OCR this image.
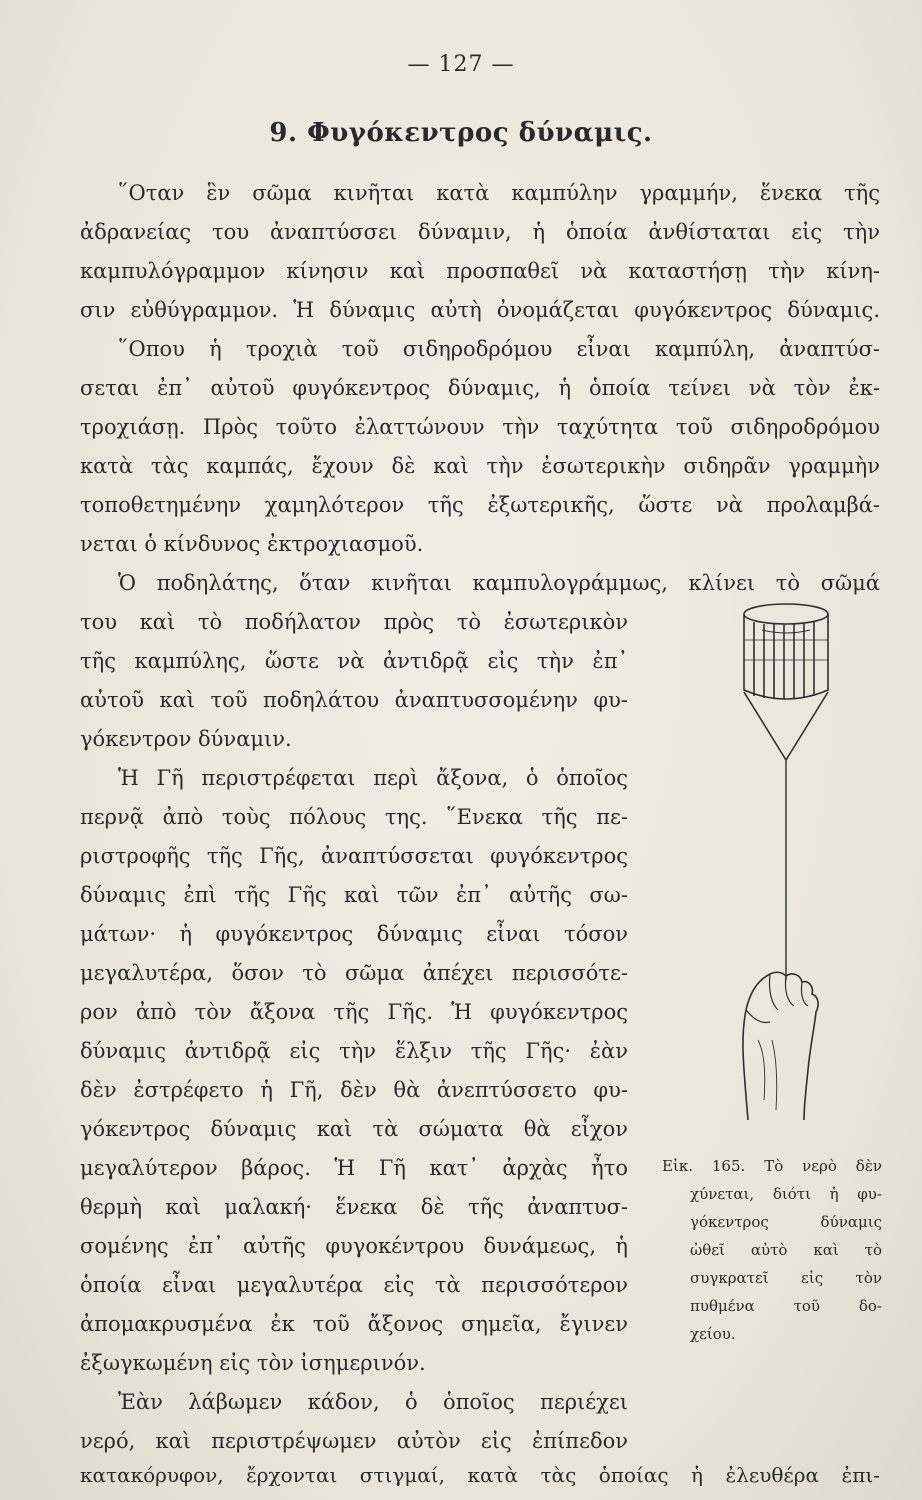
— 127 —
9. Φυγόκεντρος δύναμις.
῞Οταν ἓν σῶμα κινῆται κατὰ καμπύλην γραμμήν, ἕνεκα τῆς
ἀδρανείας του ἀναπτύσσει δύναμιν, ἡ ὁποία ἀνθίσταται εἰς τὴν
καμπυλόγραμμον κίνησιν καὶ προσπαθεῖ νὰ καταστήσῃ τὴν κίνη-
σιν εὐθύγραμμον. Ἡ δύναμις αὐτὴ ὀνομάζεται φυγόκεντρος δύναμις.
῞Οπου ἡ τροχιὰ τοῦ σιδηροδρόμου εἶναι καμπύλη, ἀναπτύσ-
σεται ἐπ᾽ αὐτοῦ φυγόκεντρος δύναμις, ἡ ὁποία τείνει νὰ τὸν ἐκ-
τροχιάσῃ. Πρὸς τοῦτο ἐλαττώνουν τὴν ταχύτητα τοῦ σιδηροδρόμου
κατὰ τὰς καμπάς, ἔχουν δὲ καὶ τὴν ἐσωτερικὴν σιδηρᾶν γραμμὴν
τοποθετημένην χαμηλότερον τῆς ἐξωτερικῆς, ὥστε νὰ προλαμβά-
νεται ὁ κίνδυνος ἐκτροχιασμοῦ.
Ὁ ποδηλάτης, ὅταν κινῆται καμπυλογράμμως, κλίνει τὸ σῶμά
του καὶ τὸ ποδήλατον πρὸς τὸ ἐσωτερικὸν
τῆς καμπύλης, ὥστε νὰ ἀντιδρᾷ εἰς τὴν ἐπ᾽
αὐτοῦ καὶ τοῦ ποδηλάτου ἀναπτυσσομένην φυ-
γόκεντρον δύναμιν.
Ἡ Γῆ περιστρέφεται περὶ ἄξονα, ὁ ὁποῖος
περνᾷ ἀπὸ τοὺς πόλους της. ῞Ενεκα τῆς πε-
ριστροφῆς τῆς Γῆς, ἀναπτύσσεται φυγόκεντρος
δύναμις ἐπὶ τῆς Γῆς καὶ τῶν ἐπ᾽ αὐτῆς σω-
μάτων· ἡ φυγόκεντρος δύναμις εἶναι τόσον
μεγαλυτέρα, ὅσον τὸ σῶμα ἀπέχει περισσότε-
ρον ἀπὸ τὸν ἄξονα τῆς Γῆς. Ἡ φυγόκεντρος
δύναμις ἀντιδρᾷ εἰς τὴν ἕλξιν τῆς Γῆς· ἐὰν
δὲν ἐστρέφετο ἡ Γῆ, δὲν θὰ ἀνεπτύσσετο φυ-
γόκεντρος δύναμις καὶ τὰ σώματα θὰ εἶχον
μεγαλύτερον βάρος. Ἡ Γῆ κατ᾽ ἀρχὰς ἦτο
θερμὴ καὶ μαλακή· ἕνεκα δὲ τῆς ἀναπτυσ-
σομένης ἐπ᾽ αὐτῆς φυγοκέντρου δυνάμεως, ἡ
ὁποία εἶναι μεγαλυτέρα εἰς τὰ περισσότερον
ἀπομακρυσμένα ἐκ τοῦ ἄξονος σημεῖα, ἔγινεν
ἐξωγκωμένη εἰς τὸν ἰσημερινόν.
Ἐὰν λάβωμεν κάδον, ὁ ὁποῖος περιέχει
νερό, καὶ περιστρέψωμεν αὐτὸν εἰς ἐπίπεδον
κατακόρυφον, ἔρχονται στιγμαί, κατὰ τὰς ὁποίας ἡ ἐλευθέρα ἐπι-
Εἰκ. 165. Τὸ νερὸ δὲν
χύνεται, διότι ἡ φυ-
γόκεντρος δύναμις
ὠθεῖ αὐτὸ καὶ τὸ
συγκρατεῖ εἰς τὸν
πυθμένα τοῦ δο-
χείου.
